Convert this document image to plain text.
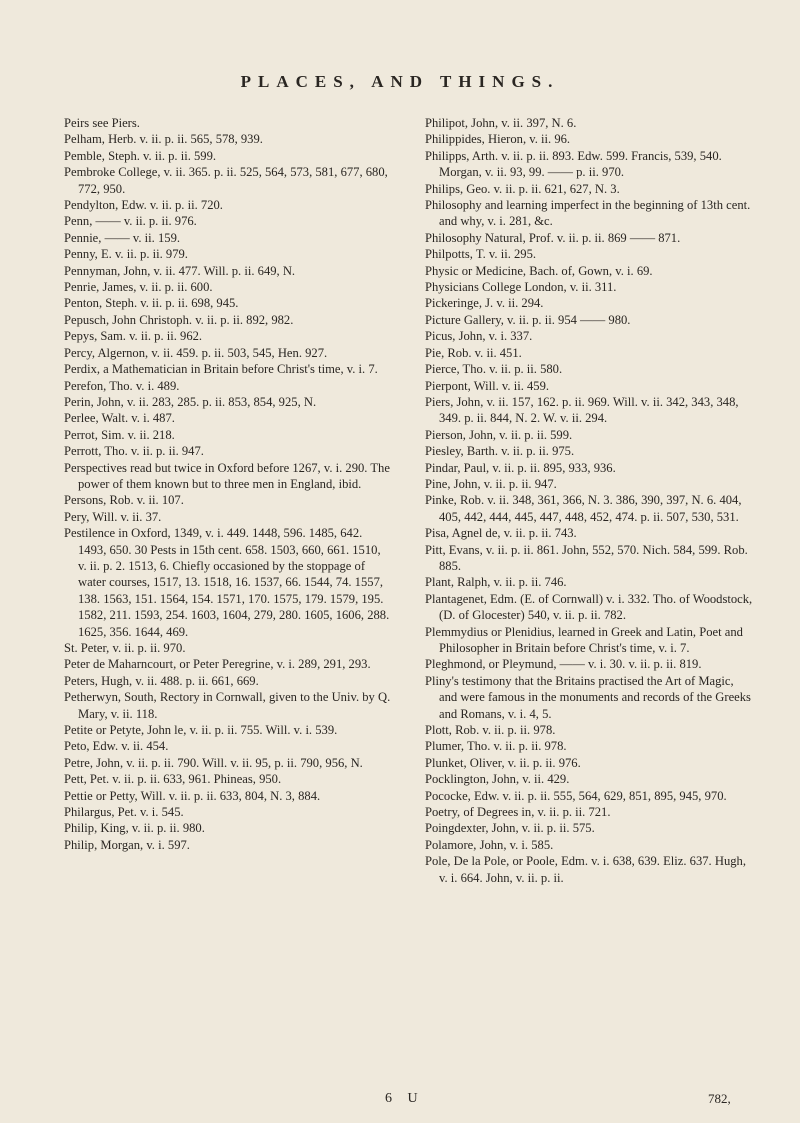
PLACES, AND THINGS.

Peirs see Piers.

Pelham, Herb. v. ii. p. ii. 565, 578, 939.

Pemble, Steph. v. ii. p. ii. 599.

Pembroke College, v. ii. 365. p. ii. 525, 564, 573, 581, 677, 680, 772, 950.

Pendylton, Edw. v. ii. p. ii. 720.

Penn, —— v. ii. p. ii. 976.

Pennie, —— v. ii. 159.

Penny, E. v. ii. p. ii. 979.

Pennyman, John, v. ii. 477. Will. p. ii. 649, N.

Penrie, James, v. ii. p. ii. 600.

Penton, Steph. v. ii. p. ii. 698, 945.

Pepusch, John Christoph. v. ii. p. ii. 892, 982.

Pepys, Sam. v. ii. p. ii. 962.

Percy, Algernon, v. ii. 459. p. ii. 503, 545, Hen. 927.

Perdix, a Mathematician in Britain before Christ's time, v. i. 7.

Perefon, Tho. v. i. 489.

Perin, John, v. ii. 283, 285. p. ii. 853, 854, 925, N.

Perlee, Walt. v. i. 487.

Perrot, Sim. v. ii. 218.

Perrott, Tho. v. ii. p. ii. 947.

Perspectives read but twice in Oxford before 1267, v. i. 290. The power of them known but to three men in England, ibid.

Persons, Rob. v. ii. 107.

Pery, Will. v. ii. 37.

Pestilence in Oxford, 1349, v. i. 449. 1448, 596. 1485, 642. 1493, 650. 30 Pests in 15th cent. 658. 1503, 660, 661. 1510, v. ii. p. 2. 1513, 6. Chiefly occasioned by the stoppage of water courses, 1517, 13. 1518, 16. 1537, 66. 1544, 74. 1557, 138. 1563, 151. 1564, 154. 1571, 170. 1575, 179. 1579, 195. 1582, 211. 1593, 254. 1603, 1604, 279, 280. 1605, 1606, 288. 1625, 356. 1644, 469.

St. Peter, v. ii. p. ii. 970.

Peter de Maharncourt, or Peter Peregrine, v. i. 289, 291, 293.

Peters, Hugh, v. ii. 488. p. ii. 661, 669.

Petherwyn, South, Rectory in Cornwall, given to the Univ. by Q. Mary, v. ii. 118.

Petite or Petyte, John le, v. ii. p. ii. 755. Will. v. i. 539.

Peto, Edw. v. ii. 454.

Petre, John, v. ii. p. ii. 790. Will. v. ii. 95, p. ii. 790, 956, N.

Pett, Pet. v. ii. p. ii. 633, 961. Phineas, 950.

Pettie or Petty, Will. v. ii. p. ii. 633, 804, N. 3, 884.

Philargus, Pet. v. i. 545.

Philip, King, v. ii. p. ii. 980.

Philip, Morgan, v. i. 597.

Philipot, John, v. ii. 397, N. 6.

Philippides, Hieron, v. ii. 96.

Philipps, Arth. v. ii. p. ii. 893. Edw. 599. Francis, 539, 540. Morgan, v. ii. 93, 99. —— p. ii. 970.

Philips, Geo. v. ii. p. ii. 621, 627, N. 3.

Philosophy and learning imperfect in the beginning of 13th cent. and why, v. i. 281, &c.

Philosophy Natural, Prof. v. ii. p. ii. 869 —— 871.

Philpotts, T. v. ii. 295.

Physic or Medicine, Bach. of, Gown, v. i. 69.

Physicians College London, v. ii. 311.

Pickeringe, J. v. ii. 294.

Picture Gallery, v. ii. p. ii. 954 —— 980.

Picus, John, v. i. 337.

Pie, Rob. v. ii. 451.

Pierce, Tho. v. ii. p. ii. 580.

Pierpont, Will. v. ii. 459.

Piers, John, v. ii. 157, 162. p. ii. 969. Will. v. ii. 342, 343, 348, 349. p. ii. 844, N. 2. W. v. ii. 294.

Pierson, John, v. ii. p. ii. 599.

Piesley, Barth. v. ii. p. ii. 975.

Pindar, Paul, v. ii. p. ii. 895, 933, 936.

Pine, John, v. ii. p. ii. 947.

Pinke, Rob. v. ii. 348, 361, 366, N. 3. 386, 390, 397, N. 6. 404, 405, 442, 444, 445, 447, 448, 452, 474. p. ii. 507, 530, 531.

Pisa, Agnel de, v. ii. p. ii. 743.

Pitt, Evans, v. ii. p. ii. 861. John, 552, 570. Nich. 584, 599. Rob. 885.

Plant, Ralph, v. ii. p. ii. 746.

Plantagenet, Edm. (E. of Cornwall) v. i. 332. Tho. of Woodstock, (D. of Glocester) 540, v. ii. p. ii. 782.

Plemmydius or Plenidius, learned in Greek and Latin, Poet and Philosopher in Britain before Christ's time, v. i. 7.

Pleghmond, or Pleymund, —— v. i. 30. v. ii. p. ii. 819.

Pliny's testimony that the Britains practised the Art of Magic, and were famous in the monuments and records of the Greeks and Romans, v. i. 4, 5.

Plott, Rob. v. ii. p. ii. 978.

Plumer, Tho. v. ii. p. ii. 978.

Plunket, Oliver, v. ii. p. ii. 976.

Pocklington, John, v. ii. 429.

Pococke, Edw. v. ii. p. ii. 555, 564, 629, 851, 895, 945, 970.

Poetry, of Degrees in, v. ii. p. ii. 721.

Poingdexter, John, v. ii. p. ii. 575.

Polamore, John, v. i. 585.

Pole, De la Pole, or Poole, Edm. v. i. 638, 639. Eliz. 637. Hugh, v. i. 664. John, v. ii. p. ii.

6 U	782,
